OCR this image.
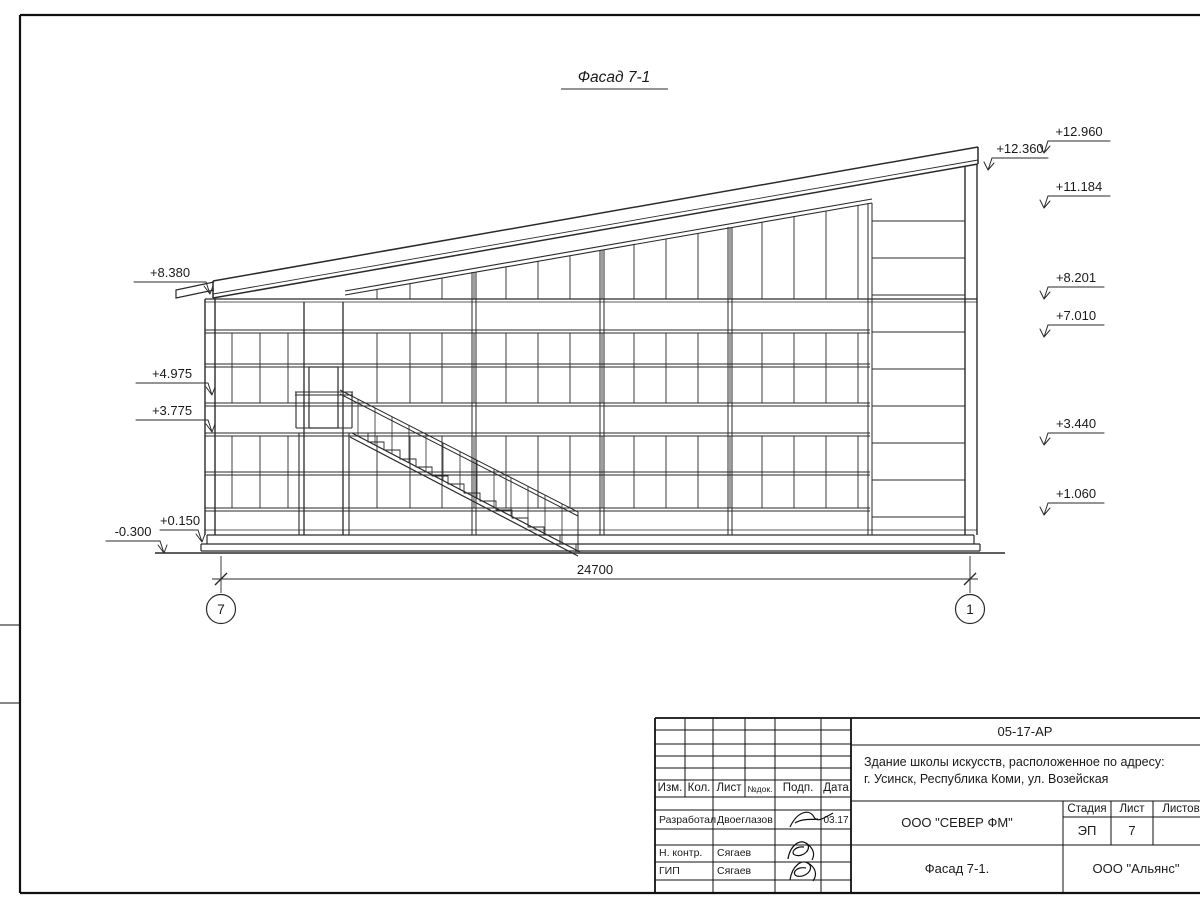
Фасад 7-1
24700
7	1
+8.380
+4.975
+3.775
+0.150
-0.300
+12.960
+12.360
+11.184
+8.201
+7.010
+3.440
+1.060
Изм. Кол. Лист №док. Подп. Дата
Разработал Двоеглазов	03.17
Н. контр. Сягаев
ГИП	Сягаев
05-17-АР
Здание школы искусств, расположенное по адресу:
г. Усинск, Республика Коми, ул. Возейская
ООО "СЕВЕР ФМ"
Стадия Лист Листов
ЭП 7
Фасад 7-1.	ООО "Альянс"
